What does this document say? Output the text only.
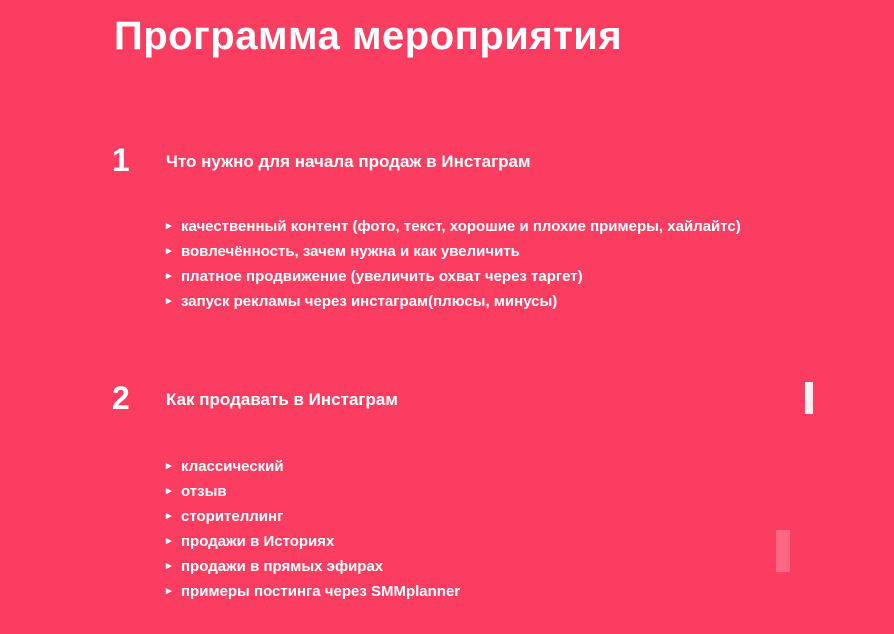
Программа мероприятия
1 Что нужно для начала продаж в Инстаграм
▸ качественный контент (фото, текст, хорошие и плохие примеры, хайлайтс)
▸ вовлечённость, зачем нужна и как увеличить
▸ платное продвижение (увеличить охват через таргет)
▸ запуск рекламы через инстаграм(плюсы, минусы)
2 Как продавать в Инстаграм
▸ классический
▸ отзыв
▸ сторителлинг
▸ продажи в Историях
▸ продажи в прямых эфирах
▸ примеры постинга через SMMplanner
